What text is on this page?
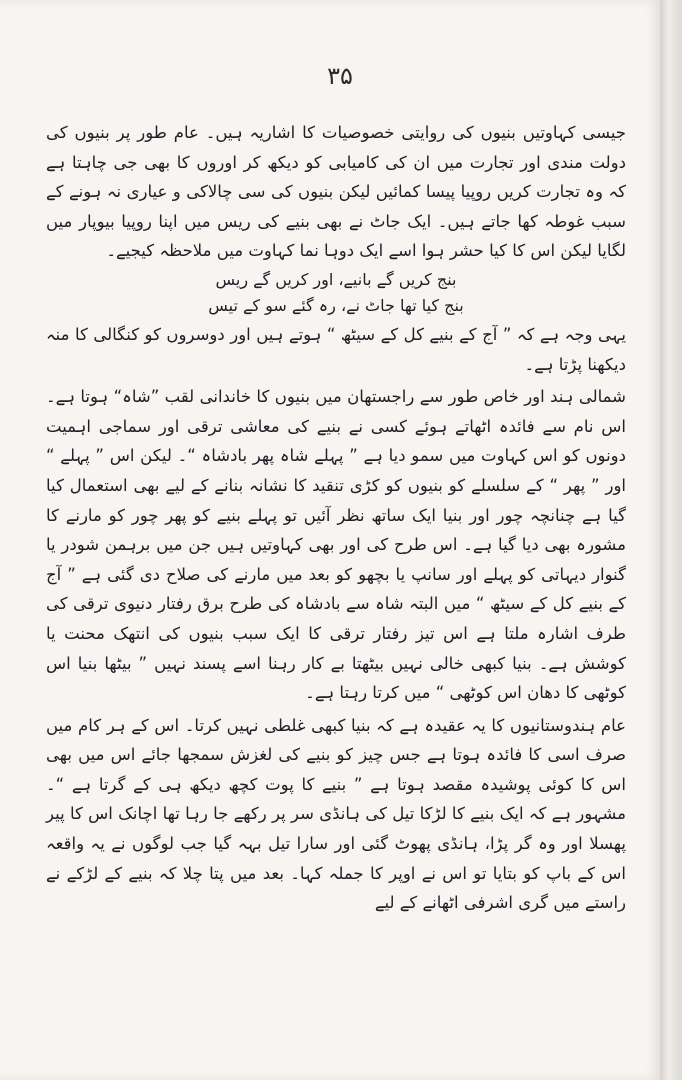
۳۵

جیسی کہاوتیں بنیوں کی روایتی خصوصیات کا اشاریہ ہیں۔ عام طور پر بنیوں کی دولت مندی اور تجارت میں ان کی کامیابی کو دیکھ کر اوروں کا بھی جی چاہتا ہے کہ وہ تجارت کریں روپیا پیسا کمائیں لیکن بنیوں کی سی چالاکی و عیاری نہ ہونے کے سبب غوطہ کھا جاتے ہیں۔ ایک جاٹ نے بھی بنیے کی ریس میں اپنا روپیا بیوپار میں لگایا لیکن اس کا کیا حشر ہوا اسے ایک دوہا نما کہاوت میں ملاحظہ کیجیے۔

بنج کریں گے بانیے، اور کریں گے ریس
بنج کیا تھا جاٹ نے، رہ گئے سو کے تیس

یہی وجہ ہے کہ ” آج کے بنیے کل کے سیٹھ “ ہوتے ہیں اور دوسروں کو کنگالی کا منہ دیکھنا پڑتا ہے۔

شمالی ہند اور خاص طور سے راجستھان میں بنیوں کا خاندانی لقب ”شاہ“ ہوتا ہے۔ اس نام سے فائدہ اٹھاتے ہوئے کسی نے بنیے کی معاشی ترقی اور سماجی اہمیت دونوں کو اس کہاوت میں سمو دیا ہے ” پہلے شاہ پھر بادشاہ “۔ لیکن اس ” پہلے “ اور ” پھر “ کے سلسلے کو بنیوں کو کڑی تنقید کا نشانہ بنانے کے لیے بھی استعمال کیا گیا ہے چنانچہ چور اور بنیا ایک ساتھ نظر آئیں تو پہلے بنیے کو پھر چور کو مارنے کا مشورہ بھی دیا گیا ہے۔ اس طرح کی اور بھی کہاوتیں ہیں جن میں برہمن شودر یا گنوار دیہاتی کو پہلے اور سانپ یا بچھو کو بعد میں مارنے کی صلاح دی گئی ہے ” آج کے بنیے کل کے سیٹھ “ میں البتہ شاہ سے بادشاہ کی طرح برق رفتار دنیوی ترقی کی طرف اشارہ ملتا ہے اس تیز رفتار ترقی کا ایک سبب بنیوں کی انتھک محنت یا کوشش ہے۔ بنیا کبھی خالی نہیں بیٹھتا بے کار رہنا اسے پسند نہیں ” بیٹھا بنیا اس کوٹھی کا دھان اس کوٹھی “ میں کرتا رہتا ہے۔

عام ہندوستانیوں کا یہ عقیدہ ہے کہ بنیا کبھی غلطی نہیں کرتا۔ اس کے ہر کام میں صرف اسی کا فائدہ ہوتا ہے جس چیز کو بنیے کی لغزش سمجھا جائے اس میں بھی اس کا کوئی پوشیدہ مقصد ہوتا ہے ” بنیے کا پوت کچھ دیکھ ہی کے گرتا ہے “۔ مشہور ہے کہ ایک بنیے کا لڑکا تیل کی ہانڈی سر پر رکھے جا رہا تھا اچانک اس کا پیر پھسلا اور وہ گر پڑا، ہانڈی پھوٹ گئی اور سارا تیل بہہ گیا جب لوگوں نے یہ واقعہ اس کے باپ کو بتایا تو اس نے اوپر کا جملہ کہا۔ بعد میں پتا چلا کہ بنیے کے لڑکے نے راستے میں گری اشرفی اٹھانے کے لیے
